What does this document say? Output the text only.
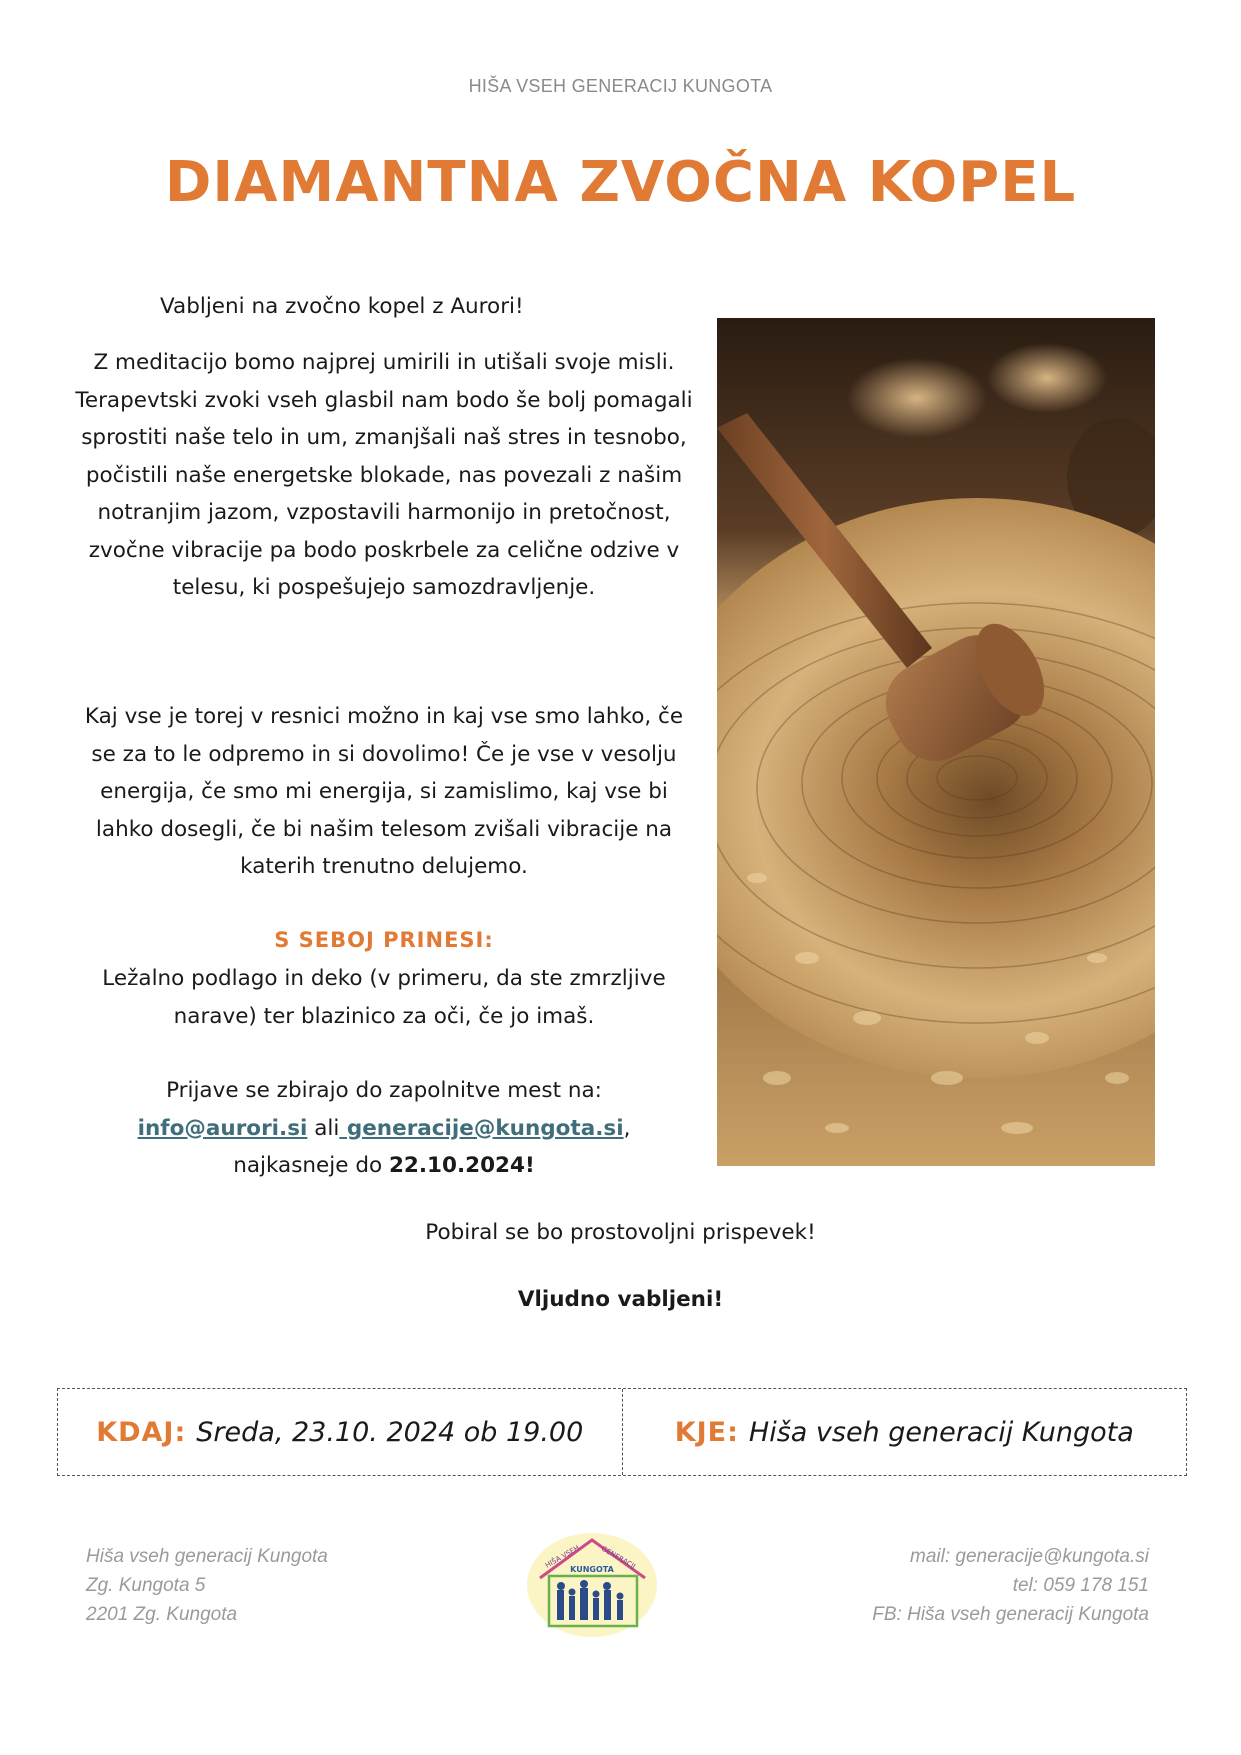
HIŠA VSEH GENERACIJ KUNGOTA
DIAMANTNA ZVOČNA KOPEL
Vabljeni na zvočno kopel z Aurori!
Z meditacijo bomo najprej umirili in utišali svoje misli. Terapevtski zvoki vseh glasbil nam bodo še bolj pomagali sprostiti naše telo in um, zmanjšali naš stres in tesnobo, počistili naše energetske blokade, nas povezali z našim notranjim jazom, vzpostavili harmonijo in pretočnost, zvočne vibracije pa bodo poskrbele za celične odzive v telesu, ki pospešujejo samozdravljenje.
Kaj vse je torej v resnici možno in kaj vse smo lahko, če se za to le odpremo in si dovolimo! Če je vse v vesolju energija, če smo mi energija, si zamislimo, kaj vse bi lahko dosegli, če bi našim telesom zvišali vibracije na katerih trenutno delujemo.
S SEBOJ PRINESI:
Ležalno podlago in deko (v primeru, da ste zmrzljive narave) ter blazinico za oči, če jo imaš.
Prijave se zbirajo do zapolnitve mest na:
info@aurori.si ali generacije@kungota.si,
najkasneje do 22.10.2024!
Pobiral se bo prostovoljni prispevek!
Vljudno vabljeni!
KDAJ: Sreda, 23.10. 2024 ob 19.00	KJE: Hiša vseh generacij Kungota
Hiša vseh generacij Kungota
Zg. Kungota 5
2201 Zg. Kungota
HIŠA VSEH	GENERACIJ
KUNGOTA
mail: generacije@kungota.si
tel: 059 178 151
FB: Hiša vseh generacij Kungota
